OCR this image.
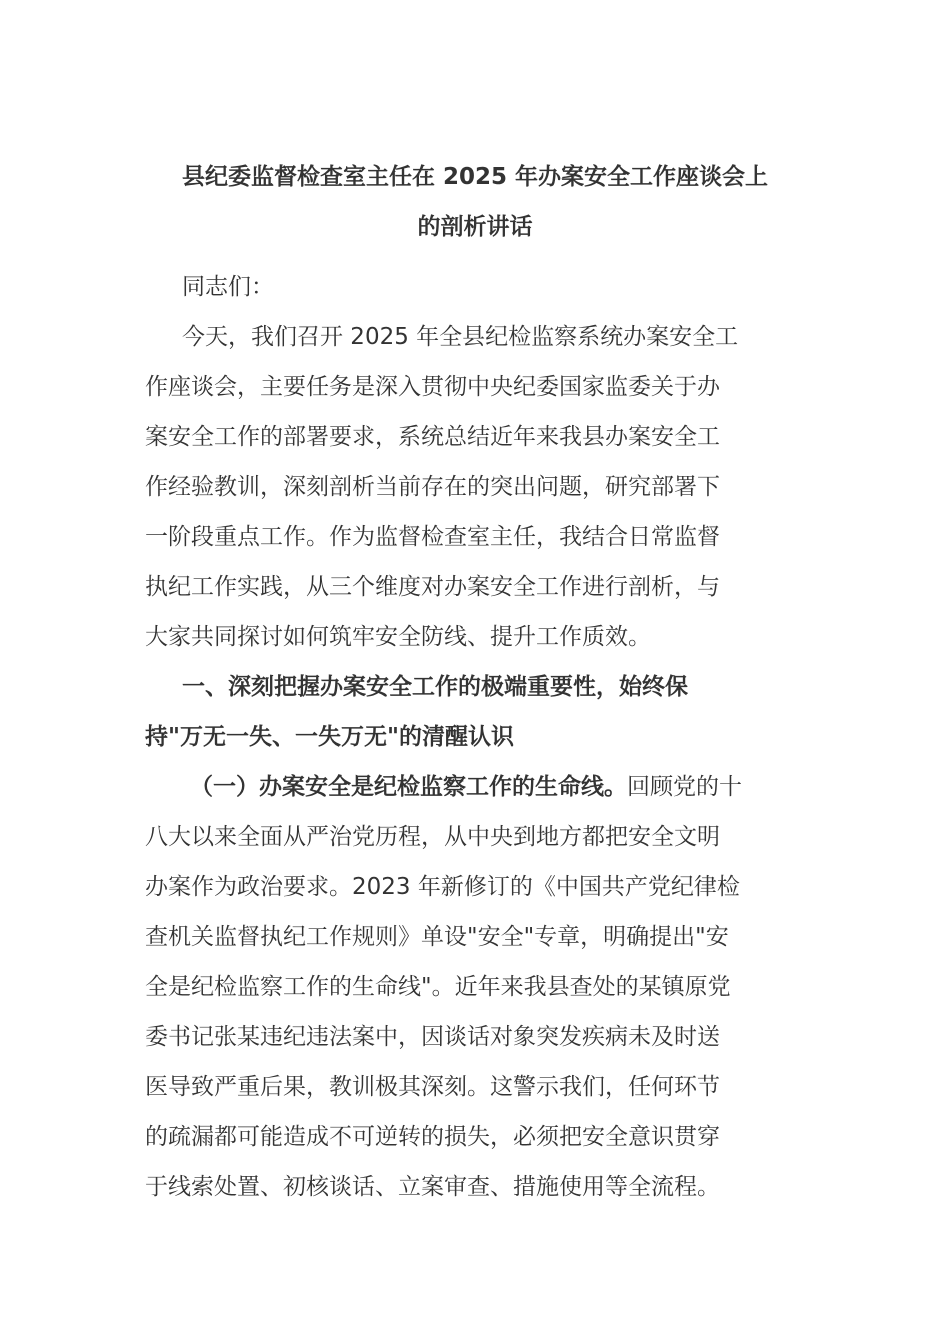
县纪委监督检查室主任在 2025 年办案安全工作座谈会上
的剖析讲话
同志们：
今天，我们召开 2025 年全县纪检监察系统办案安全工
作座谈会，主要任务是深入贯彻中央纪委国家监委关于办
案安全工作的部署要求，系统总结近年来我县办案安全工
作经验教训，深刻剖析当前存在的突出问题，研究部署下
一阶段重点工作。作为监督检查室主任，我结合日常监督
执纪工作实践，从三个维度对办案安全工作进行剖析，与
大家共同探讨如何筑牢安全防线、提升工作质效。
一、深刻把握办案安全工作的极端重要性，始终保
持"万无一失、一失万无"的清醒认识
（一）办案安全是纪检监察工作的生命线。回顾党的十
八大以来全面从严治党历程，从中央到地方都把安全文明
办案作为政治要求。2023 年新修订的《中国共产党纪律检
查机关监督执纪工作规则》单设"安全"专章，明确提出"安
全是纪检监察工作的生命线"。近年来我县查处的某镇原党
委书记张某违纪违法案中，因谈话对象突发疾病未及时送
医导致严重后果，教训极其深刻。这警示我们，任何环节
的疏漏都可能造成不可逆转的损失，必须把安全意识贯穿
于线索处置、初核谈话、立案审查、措施使用等全流程。
